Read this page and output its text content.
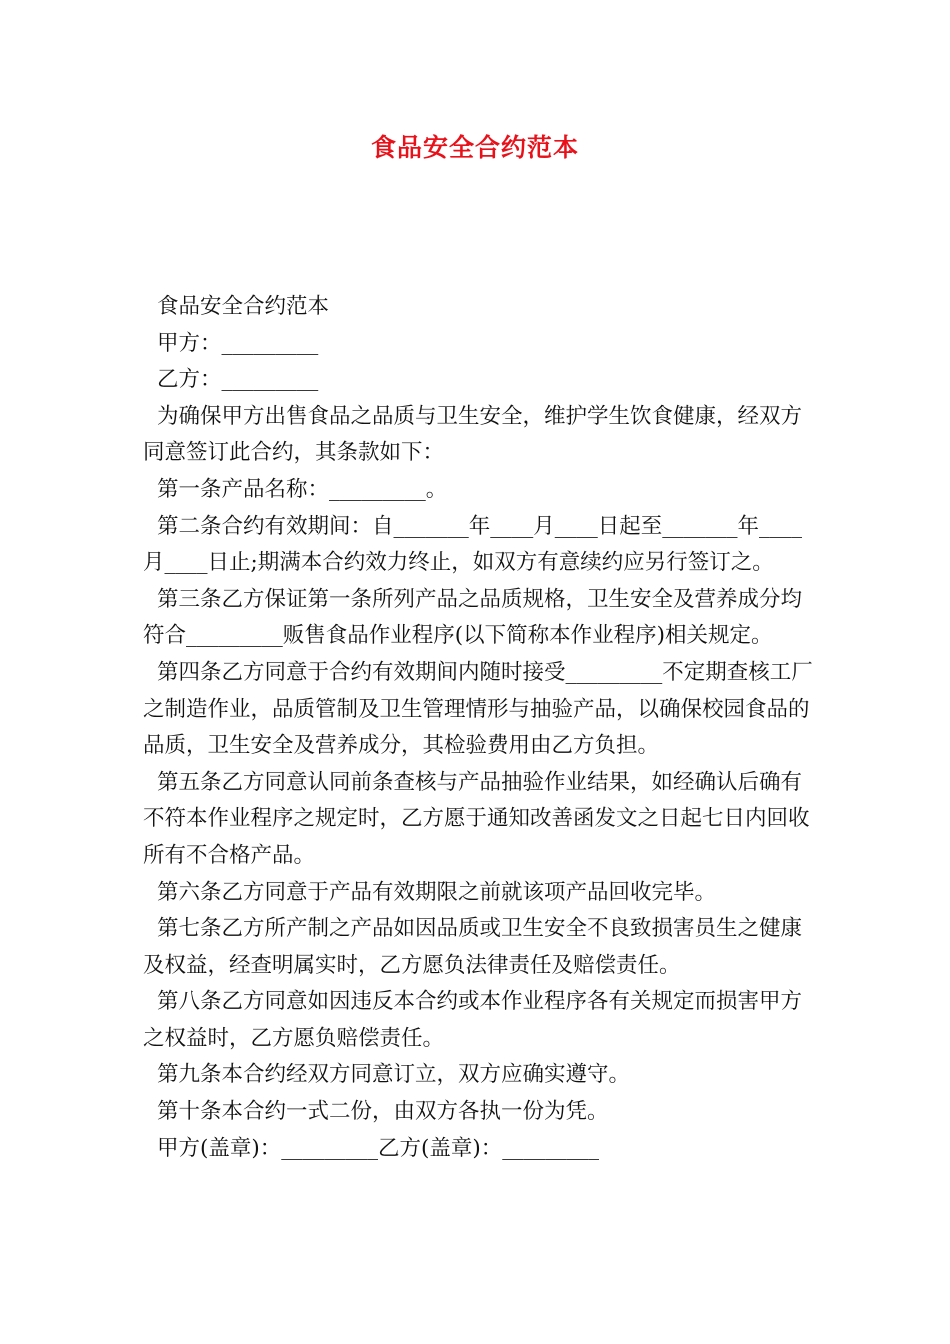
食品安全合约范本

食品安全合约范本

甲方：_________

乙方：_________

为确保甲方出售食品之品质与卫生安全，维护学生饮食健康，经双方同意签订此合约，其条款如下：

第一条产品名称：_________。

第二条合约有效期间：自_______年____月____日起至_______年____月____日止;期满本合约效力终止，如双方有意续约应另行签订之。

第三条乙方保证第一条所列产品之品质规格，卫生安全及营养成分均符合_________贩售食品作业程序(以下简称本作业程序)相关规定。

第四条乙方同意于合约有效期间内随时接受_________不定期查核工厂之制造作业，品质管制及卫生管理情形与抽验产品，以确保校园食品的品质，卫生安全及营养成分，其检验费用由乙方负担。

第五条乙方同意认同前条查核与产品抽验作业结果，如经确认后确有不符本作业程序之规定时，乙方愿于通知改善函发文之日起七日内回收所有不合格产品。

第六条乙方同意于产品有效期限之前就该项产品回收完毕。

第七条乙方所产制之产品如因品质或卫生安全不良致损害员生之健康及权益，经查明属实时，乙方愿负法律责任及赔偿责任。

第八条乙方同意如因违反本合约或本作业程序各有关规定而损害甲方之权益时，乙方愿负赔偿责任。

第九条本合约经双方同意订立，双方应确实遵守。

第十条本合约一式二份，由双方各执一份为凭。

甲方(盖章)：_________乙方(盖章)：_________
